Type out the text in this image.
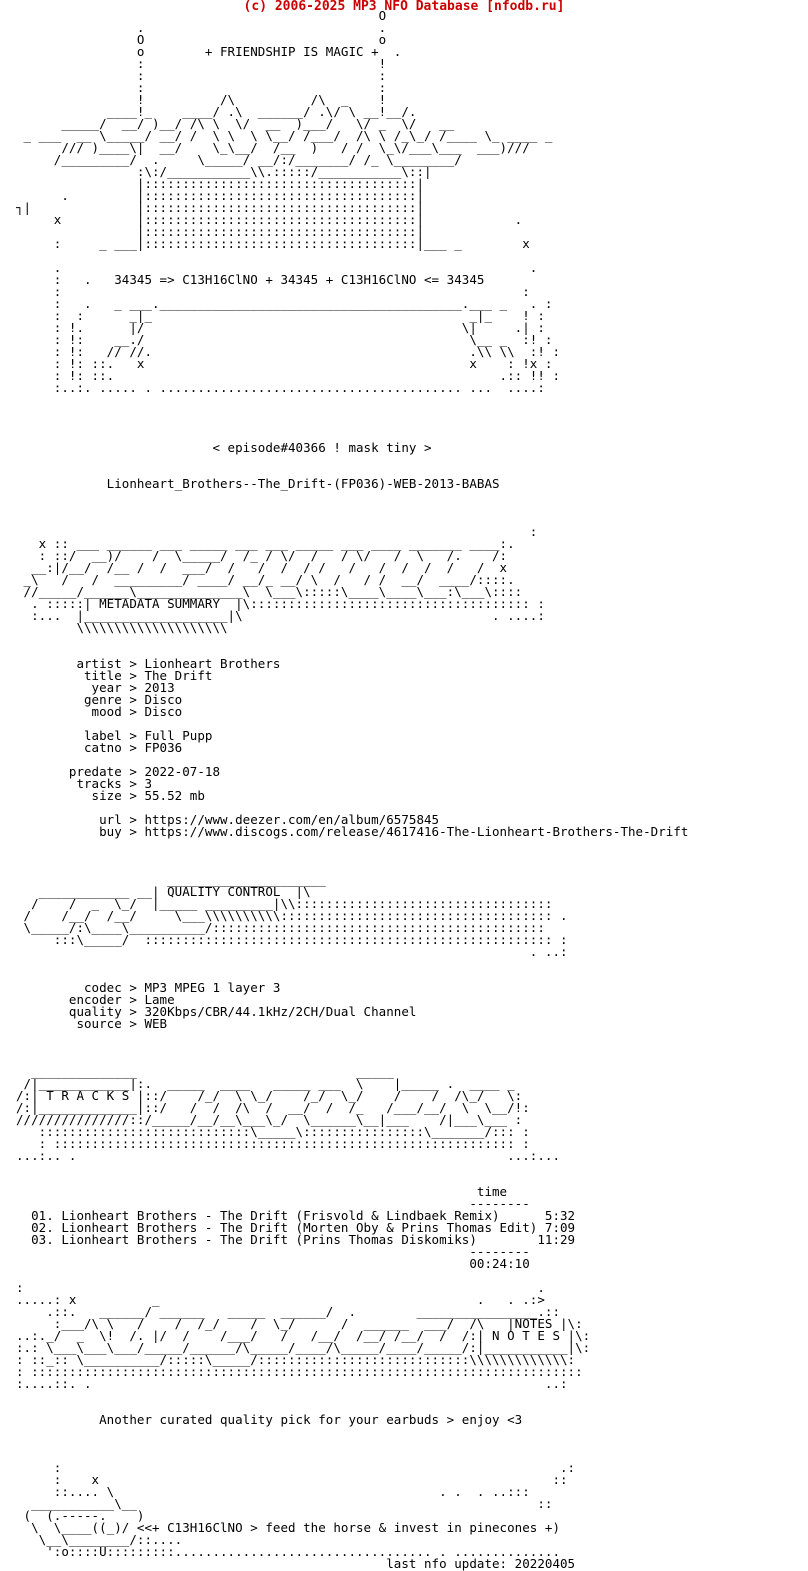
(c) 2006-2025 MP3 NFO Database [nfodb.ru]
O
.                               .
O                               o
o        + FRIENDSHIP IS MAGIC +  .
:                               !
:                               :
:                               :
!          /\          /\  _    !
____!_    ____/ .\  ______/ .\/ \ __!__/.
_____/  __/ )__/ /\ \  \/  __  )___/   \/ _  \/   __
_ ___  __ \_____/ __/ /  \ \  \ \__/ /___/  /\ \ /_\_/ /____ \_ ____ _
/// )____\|  __/    \_\__/  /__  )   / /  \_\/___\___  ___)///
/_________/  .     \_____/ __/:/_______/ /_ \________/
:\:/___________\\.:::::/___________\::|
|::::::::::::::::::::::::::::::::::::|
.         |::::::::::::::::::::::::::::::::::::|
┐|              |::::::::::::::::::::::::::::::::::::|
x          |::::::::::::::::::::::::::::::::::::|            .
|::::::::::::::::::::::::::::::::::::|
:     _ ___|::::::::::::::::::::::::::::::::::::|___ _        x

.                                                              .
:   .   34345 => C13H16ClNO + 34345 + C13H16ClNO <= 34345
:                                                             :
:   .   _ ___.________________________________________.___ _   . :
:  :      _|_                                          _|_    ! :
: !.      |/                                          \|     .| :
: !:    __./                                           \__ _  :! :
: !:   // //.                                          .\\ \\  :! :
: !: ::.   x                                           x    : !x :
: !: ::.                                                   .:: !! :
:..:. ..... . ........................................ ...  ....:

< episode#40366 ! mask tiny >

Lionheart_Brothers--The_Drift-(FP036)-WEB-2013-BABAS

:
x :: ___ ______ ___ _____ ___ ___ _____ ___ ____ _______ ____:.
: ::/  __)/    /  \_____/  /_ / \/  /   / \/   /  \   /.    /:
__:|/__/  /__ /  /  ___/  /   /  /  / /   /   /  /  /  /   /  x
_\   /   /  _________/ ____/ __/_ __/ \  /   / /  __/  ____/::::.
//_____/______\______________\  \___\:::::\____\____\___:\___\::::
. :::::| METADATA SUMMARY  |\::::::::::::::::::::::::::::::::::::: :
:...  |___________________|\                                 . ....:
\\\\\\\\\\\\\\\\\\\\

artist > Lionheart Brothers
title > The Drift
year > 2013
genre > Disco
mood > Disco

label > Full Pupp
catno > FP036

predate > 2022-07-18
tracks > 3
size > 55.52 mb

url > https://www.deezer.com/en/album/6575845
buy > https://www.discogs.com/release/4617416-The-Lionheart-Brothers-The-Drift

_____________________
____________ __| QUALITY CONTROL  |\
/    /  _  \_/  |_____ _________|\\::::::::::::::::::::::::::::::::::
/    /__/  /__/     \___\\\\\\\\\\:::::::::::::::::::::::::::::::::::: .
\_____/:\____\__________/::::::::::::::::::::::::::::::::::::::::::::
:::\_____/  :::::::::::::::::::::::::::::::::::::::::::::::::::::: :
. ..:

codec > MP3 MPEG 1 layer 3
encoder > Lame
quality > 320Kbps/CBR/44.1kHz/2CH/Dual Channel
source > WEB

______________                             _____
/|____________|:.  _____  ____   _____ ___  \    |_____ .  ____ _
/:| T R A C K S |::/    /_/  \ \_/    /_/  \_/    /    /  /\_/   \:
/:|_____________|::/   /  /  /\  /  __/  /  /_   /___/__/  \  \__/!:
///////////////::/_____/__/__\___\_/  \______\__|___    /|___\___ :
::::::::::::::::::::::::::::\_____\::::::::::::::::\_______/::: :
: ::::::::::::::::::::::::::::::::::::::::::::::::::::::::::::: :
...:.. .                                                         ...:...

time
--------
01. Lionheart Brothers - The Drift (Frisvold & Lindbaek Remix)      5:32
02. Lionheart Brothers - The Drift (Morten Oby & Prins Thomas Edit) 7:09
03. Lionheart Brothers - The Drift (Prins Thomas Diskomiks)        11:29
--------
00:24:10

:                                                                    .
.....: x          _                                          .   . .:>
.::.   ______/ ______   _____  ______/  .        ________________.::
:___/\ \   /    /  /_/    /  \_/      /  ______  ___/  /\   |NOTES |\:
..:._/  _  \!  /. |/  /    /___/   /   /__/  /__/ /__/  /  /:| N O T E S |\:
:.: \___\___\___/_____/______/\_____/____/\_____/____/_____/:|___________|\:
: ::_:: \__________/:::::\_____/::::::::::::::::::::::::::::\\\\\\\\\\\\\:
: :::::::::::::::::::::::::::::::::::::::::::::::::::::::::::::::::::::::::
:....::. .                                                            ..:

Another curated quality pick for your earbuds > enjoy <3

:                                                                  .:
:    x                                                            ::
::.... \                                           . .  . ..:::
___________\__                                                     ::
(  (.-----.    )
\  \____((_)/ <<+ C13H16ClNO > feed the horse & invest in pinecones +)
\__\________/::....
':o::::U:::::::::.................................. . ..............
last nfo update: 20220405
